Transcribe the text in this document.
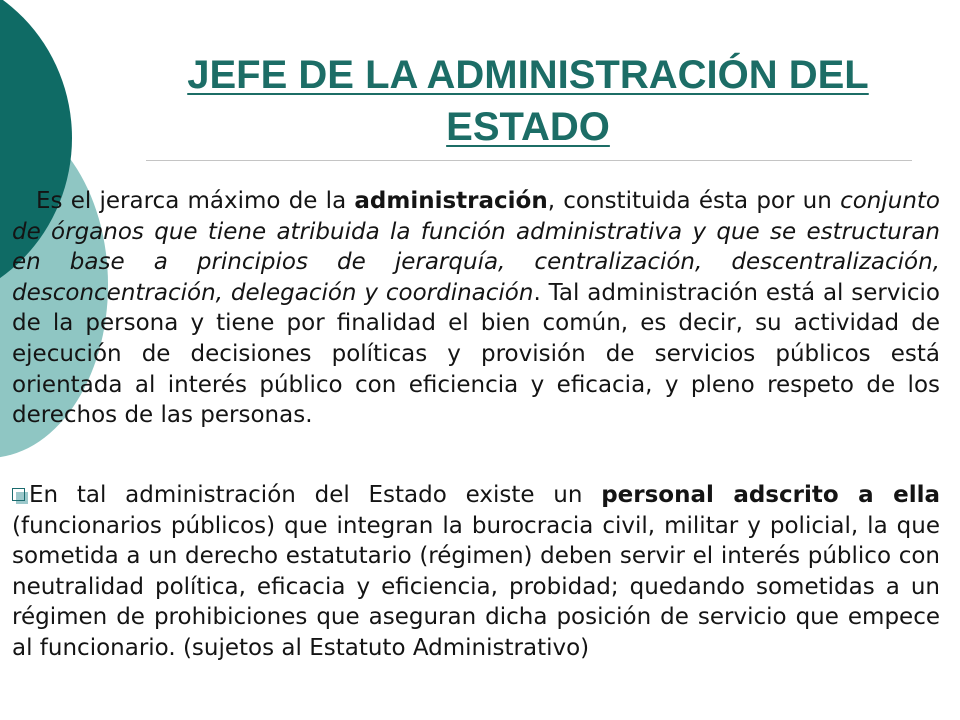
JEFE DE LA ADMINISTRACIÓN DEL
ESTADO

Es el jerarca máximo de la administración, constituida ésta por un conjunto de órganos que tiene atribuida la función administrativa y que se estructuran en base a principios de jerarquía, centralización, descentralización, desconcentración, delegación y coordinación. Tal administración está al servicio de la persona y tiene por finalidad el bien común, es decir, su actividad de ejecución de decisiones políticas y provisión de servicios públicos está orientada al interés público con eficiencia y eficacia, y pleno respeto de los derechos de las personas.

En tal administración del Estado existe un personal adscrito a ella (funcionarios públicos) que integran la burocracia civil, militar y policial, la que sometida a un derecho estatutario (régimen) deben servir el interés público con neutralidad política, eficacia y eficiencia, probidad; quedando sometidas a un régimen de prohibiciones que aseguran dicha posición de servicio que empece al funcionario. (sujetos al Estatuto Administrativo)
